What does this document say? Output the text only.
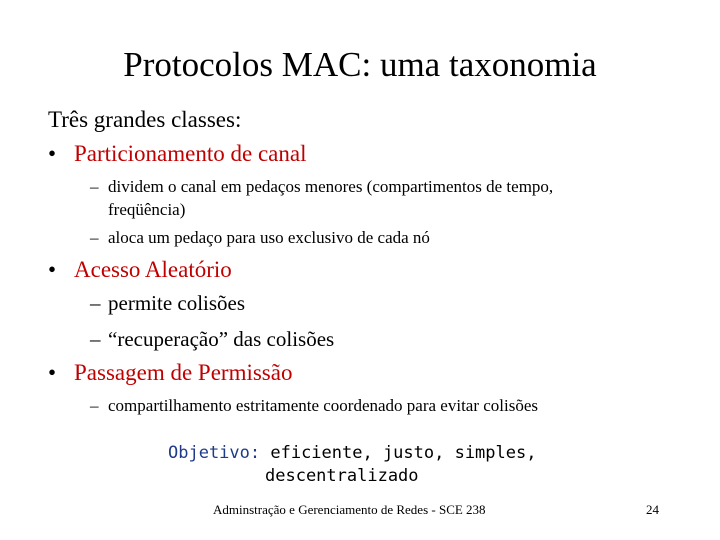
Protocolos MAC: uma taxonomia
Três grandes classes:
• Particionamento de canal
– dividem o canal em pedaços menores (compartimentos de tempo,
freqüência)
– aloca um pedaço para uso exclusivo de cada nó
• Acesso Aleatório
– permite colisões
– “recuperação” das colisões
• Passagem de Permissão
– compartilhamento estritamente coordenado para evitar colisões
Objetivo: eficiente, justo, simples,
descentralizado
Adminstração e Gerenciamento de Redes - SCE 238	24
